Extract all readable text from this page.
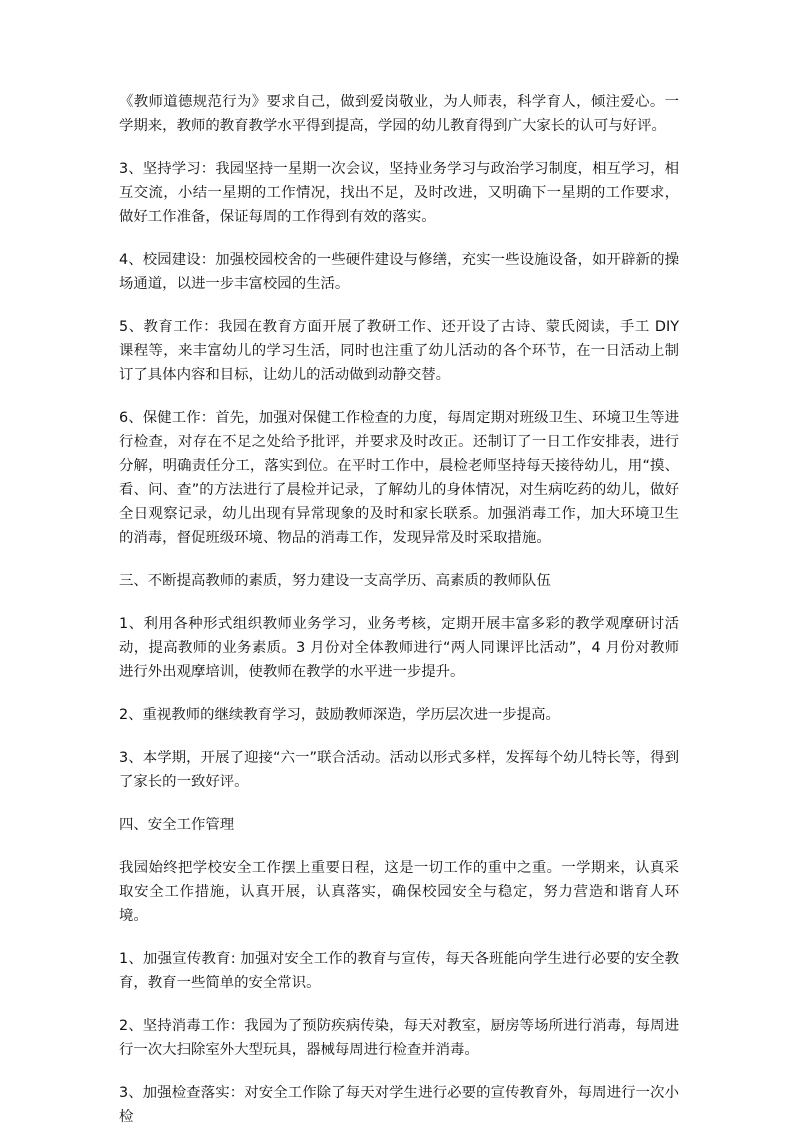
《教师道德规范行为》要求自己，做到爱岗敬业，为人师表，科学育人，倾注爱心。一学期来，教师的教育教学水平得到提高，学园的幼儿教育得到广大家长的认可与好评。

3、坚持学习：我园坚持一星期一次会议，坚持业务学习与政治学习制度，相互学习，相互交流，小结一星期的工作情况，找出不足，及时改进，又明确下一星期的工作要求，做好工作准备，保证每周的工作得到有效的落实。

4、校园建设：加强校园校舍的一些硬件建设与修缮，充实一些设施设备，如开辟新的操场通道，以进一步丰富校园的生活。

5、教育工作：我园在教育方面开展了教研工作、还开设了古诗、蒙氏阅读，手工 DIY 课程等，来丰富幼儿的学习生活，同时也注重了幼儿活动的各个环节，在一日活动上制订了具体内容和目标，让幼儿的活动做到动静交替。

6、保健工作：首先，加强对保健工作检查的力度，每周定期对班级卫生、环境卫生等进行检查，对存在不足之处给予批评，并要求及时改正。还制订了一日工作安排表，进行分解，明确责任分工，落实到位。在平时工作中，晨检老师坚持每天接待幼儿，用“摸、看、问、查”的方法进行了晨检并记录，了解幼儿的身体情况，对生病吃药的幼儿，做好全日观察记录，幼儿出现有异常现象的及时和家长联系。加强消毒工作，加大环境卫生的消毒，督促班级环境、物品的消毒工作，发现异常及时采取措施。

三、不断提高教师的素质，努力建设一支高学历、高素质的教师队伍

1、利用各种形式组织教师业务学习，业务考核，定期开展丰富多彩的教学观摩研讨活动，提高教师的业务素质。3 月份对全体教师进行“两人同课评比活动”，4 月份对教师进行外出观摩培训，使教师在教学的水平进一步提升。

2、重视教师的继续教育学习，鼓励教师深造，学历层次进一步提高。

3、本学期，开展了迎接“六一”联合活动。活动以形式多样，发挥每个幼儿特长等，得到了家长的一致好评。

四、安全工作管理

我园始终把学校安全工作摆上重要日程，这是一切工作的重中之重。一学期来，认真采取安全工作措施，认真开展，认真落实，确保校园安全与稳定，努力营造和谐育人环境。

1、加强宣传教育: 加强对安全工作的教育与宣传，每天各班能向学生进行必要的安全教育，教育一些简单的安全常识。

2、坚持消毒工作：我园为了预防疾病传染，每天对教室，厨房等场所进行消毒，每周进行一次大扫除室外大型玩具，器械每周进行检查并消毒。

3、加强检查落实：对安全工作除了每天对学生进行必要的宣传教育外，每周进行一次小检
